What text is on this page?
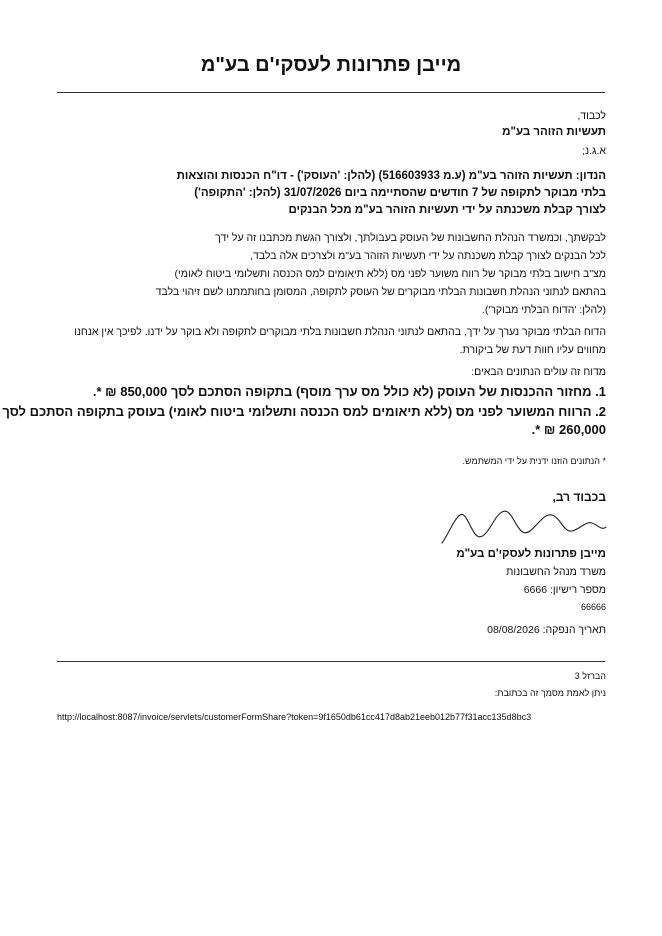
מייבן פתרונות לעסקי'ם בע"מ

לכבוד,

תעשיות הזוהר בע"מ

א.ג.נ;

הנדון: תעשיות הזוהר בע"מ (ע.מ 516603933) (להלן: 'העוסק') - דו"ח הכנסות והוצאות

בלתי מבוקר לתקופה של 7 חודשים שהסתיימה ביום 31/07/2026 (להלן: 'התקופה')

לצורך קבלת משכנתה על ידי תעשיות הזוהר בע"מ מכל הבנקים

לבקשתך, וכמשרד הנהלת החשבונות של העוסק בעבולתך, ולצורך הגשת מכתבנו זה על ידך

לכל הבנקים לצורך קבלת משכנתה על ידי תעשיות הזוהר בע"מ ולצרכים אלה בלבד,

מצ"ב חישוב בלתי מבוקר של רווח משוער לפני מס (ללא תיאומים למס הכנסה ותשלומי ביטוח לאומי)

בהתאם לנתוני הנהלת חשבונות הבלתי מבוקרים של העוסק לתקופה, המסומן בחותמתנו לשם זיהוי בלבד

(להלן: 'הדוח הבלתי מבוקר').

הדוח הבלתי מבוקר נערך על ידך, בהתאם לנתוני הנהלת חשבונות בלתי מבוקרים לתקופה ולא בוקר על ידנו. לפיכך אין אנחנו

מחווים עליו חוות דעת של ביקורת.

מדוח זה עולים הנתונים הבאים:

1. מחזור ההכנסות של העוסק (לא כולל מס ערך מוסף) בתקופה הסתכם לסך 850,000 ₪ *.

2. הרווח המשוער לפני מס (ללא תיאומים למס הכנסה ותשלומי ביטוח לאומי) בעוסק בתקופה הסתכם לסך

260,000 ₪ *.

* הנתונים הוזנו ידנית על ידי המשתמש.

בכבוד רב,

מייבן פתרונות לעסקי'ם בע"מ

משרד מנהל החשבונות

מספר רישיון: 6666

66666

תאריך הנפקה: 08/08/2026

הברזל 3

ניתן לאמת מסמך זה בכתובת:

http://localhost:8087/invoice/servlets/customerFormShare?token=9f1650db61cc417d8ab21eeb012b77f31acc135d8bc3
